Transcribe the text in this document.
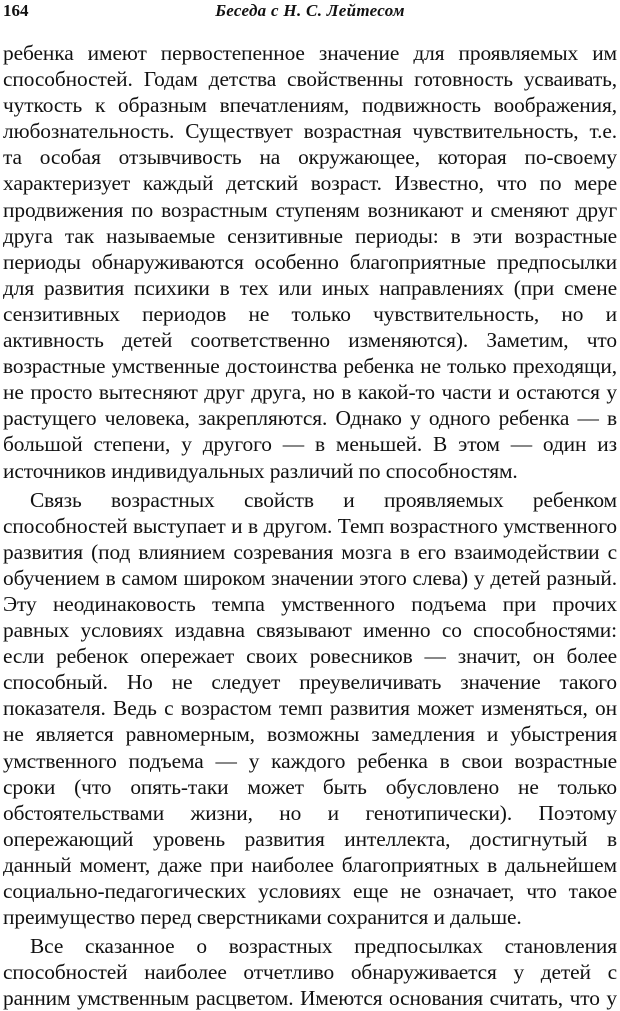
164	Беседа с Н. С. Лейтесом

ребенка имеют первостепенное значение для проявляемых им способностей. Годам детства свойственны готовность усваивать, чуткость к образным впечатлениям, подвижность воображения, любознательность. Существует возрастная чувствительность, т.е. та особая отзывчивость на окружающее, которая по-своему характеризует каждый детский возраст. Известно, что по мере продвижения по возрастным ступеням возникают и сменяют друг друга так называемые сензитивные периоды: в эти возрастные периоды обнаруживаются особенно благоприятные предпосылки для развития психики в тех или иных направлениях (при смене сензитивных периодов не только чувствительность, но и активность детей соответственно изменяются). Заметим, что возрастные умственные достоинства ребенка не только преходящи, не просто вытесняют друг друга, но в какой-то части и остаются у растущего человека, закрепляются. Однако у одного ребенка — в большой степени, у другого — в меньшей. В этом — один из источников индивидуальных различий по способностям.

Связь возрастных свойств и проявляемых ребенком способностей выступает и в другом. Темп возрастного умственного развития (под влиянием созревания мозга в его взаимодействии с обучением в самом широком значении этого слева) у детей разный. Эту неодинаковость темпа умственного подъема при прочих равных условиях издавна связывают именно со способностями: если ребенок опережает своих ровесников — значит, он более способный. Но не следует преувеличивать значение такого показателя. Ведь с возрастом темп развития может изменяться, он не является равномерным, возможны замедления и убыстрения умственного подъема — у каждого ребенка в свои возрастные сроки (что опять-таки может быть обусловлено не только обстоятельствами жизни, но и генотипически). Поэтому опережающий уровень развития интеллекта, достигнутый в данный момент, даже при наиболее благоприятных в дальнейшем социально-педагогических условиях еще не означает, что такое преимущество перед сверстниками сохранится и дальше.

Все сказанное о возрастных предпосылках становления способностей наиболее отчетливо обнаруживается у детей с ранним умственным расцветом. Имеются основания считать, что у
